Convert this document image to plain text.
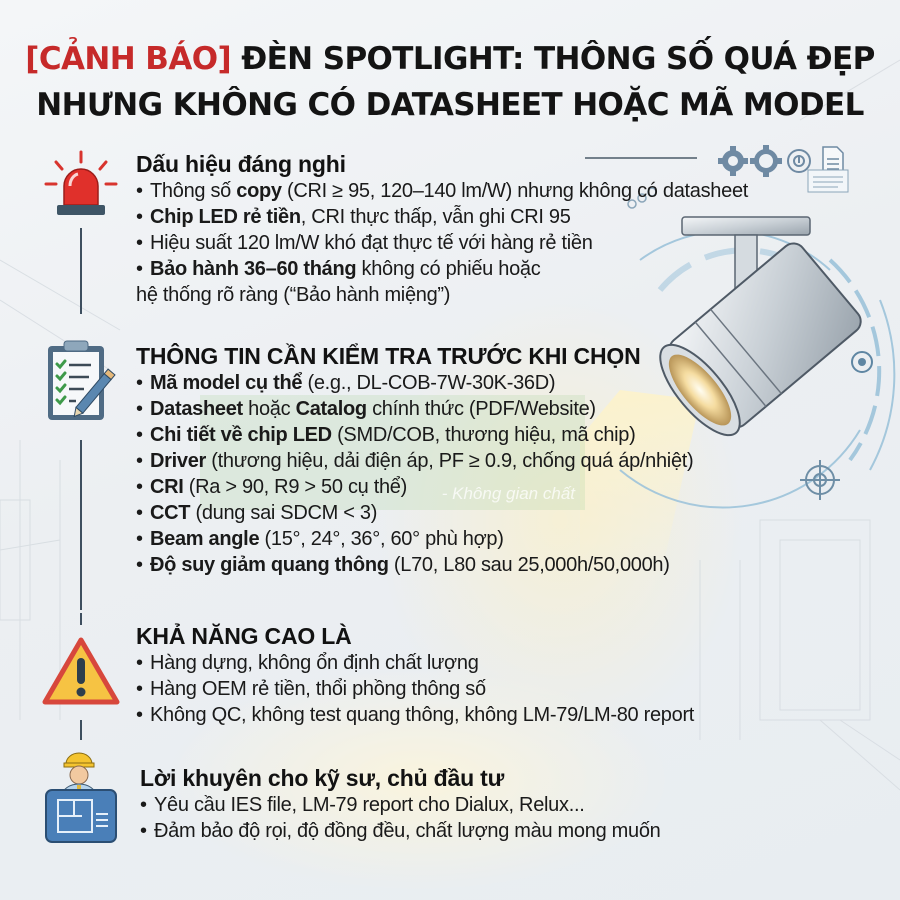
[CẢNH BÁO] ĐÈN SPOTLIGHT: THÔNG SỐ QUÁ ĐẸP
NHƯNG KHÔNG CÓ DATASHEET HOẶC MÃ MODEL
- Không gian chất
Dấu hiệu đáng nghi
• Thông số copy (CRI ≥ 95, 120–140 lm/W) nhưng không có datasheet
• Chip LED rẻ tiền, CRI thực thấp, vẫn ghi CRI 95
• Hiệu suất 120 lm/W khó đạt thực tế với hàng rẻ tiền
• Bảo hành 36–60 tháng không có phiếu hoặc
hệ thống rõ ràng (“Bảo hành miệng”)
THÔNG TIN CẦN KIỂM TRA TRƯỚC KHI CHỌN
• Mã model cụ thể (e.g., DL-COB-7W-30K-36D)
• Datasheet hoặc Catalog chính thức (PDF/Website)
• Chi tiết về chip LED (SMD/COB, thương hiệu, mã chip)
• Driver (thương hiệu, dải điện áp, PF ≥ 0.9, chống quá áp/nhiệt)
• CRI (Ra > 90, R9 > 50 cụ thể)
• CCT (dung sai SDCM < 3)
• Beam angle (15°, 24°, 36°, 60° phù hợp)
• Độ suy giảm quang thông (L70, L80 sau 25,000h/50,000h)
KHẢ NĂNG CAO LÀ
• Hàng dựng, không ổn định chất lượng
• Hàng OEM rẻ tiền, thổi phồng thông số
• Không QC, không test quang thông, không LM-79/LM-80 report
Lời khuyên cho kỹ sư, chủ đầu tư
• Yêu cầu IES file, LM-79 report cho Dialux, Relux...
• Đảm bảo độ rọi, độ đồng đều, chất lượng màu mong muốn
